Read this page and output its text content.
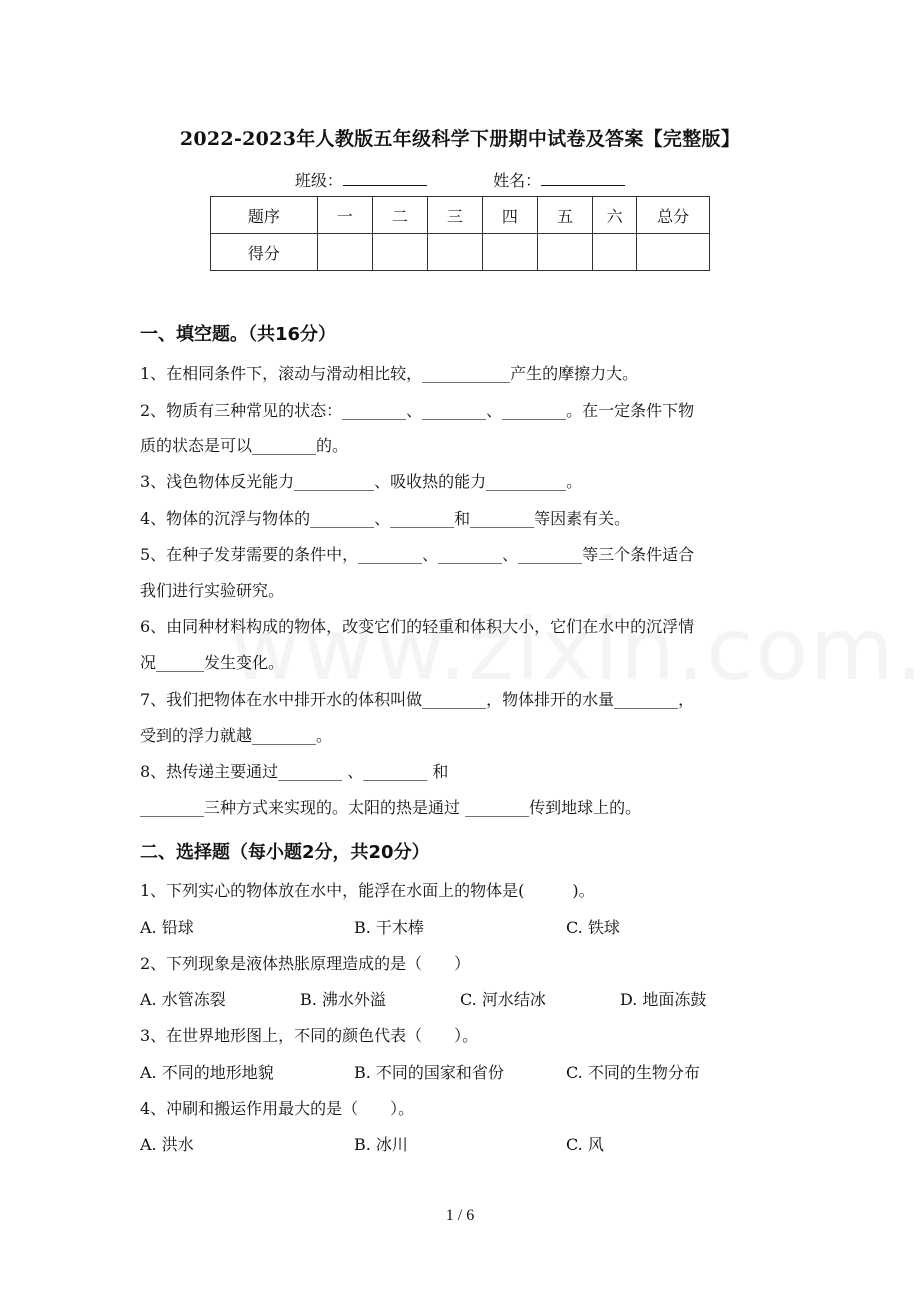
2022-2023年人教版五年级科学下册期中试卷及答案【完整版】
班级：	姓名：
题序	一	二	三	四	五	六	总分
得分							
一、填空题。（共16分）
1、在相同条件下，滚动与滑动相比较，___________产生的摩擦力大。
2、物质有三种常见的状态：________、________、________。在一定条件下物
质的状态是可以________的。
3、浅色物体反光能力__________、吸收热的能力__________。
4、物体的沉浮与物体的________、________和________等因素有关。
5、在种子发芽需要的条件中，________、________、________等三个条件适合
我们进行实验研究。
6、由同种材料构成的物体，改变它们的轻重和体积大小，它们在水中的沉浮情
况______发生变化。
7、我们把物体在水中排开水的体积叫做________，物体排开的水量________，
受到的浮力就越________。
8、热传递主要通过________ 、________ 和
________三种方式来实现的。太阳的热是通过 ________传到地球上的。
二、选择题（每小题2分，共20分）
1、下列实心的物体放在水中，能浮在水面上的物体是(　　　)。
A. 铅球	B. 干木棒	C. 铁球
2、下列现象是液体热胀原理造成的是（　　）
A. 水管冻裂	B. 沸水外溢	C. 河水结冰	D. 地面冻鼓
3、在世界地形图上，不同的颜色代表（　　）。
A. 不同的地形地貌	B. 不同的国家和省份	C. 不同的生物分布
4、冲刷和搬运作用最大的是（　　）。
A. 洪水	B. 冰川	C. 风
1 / 6
